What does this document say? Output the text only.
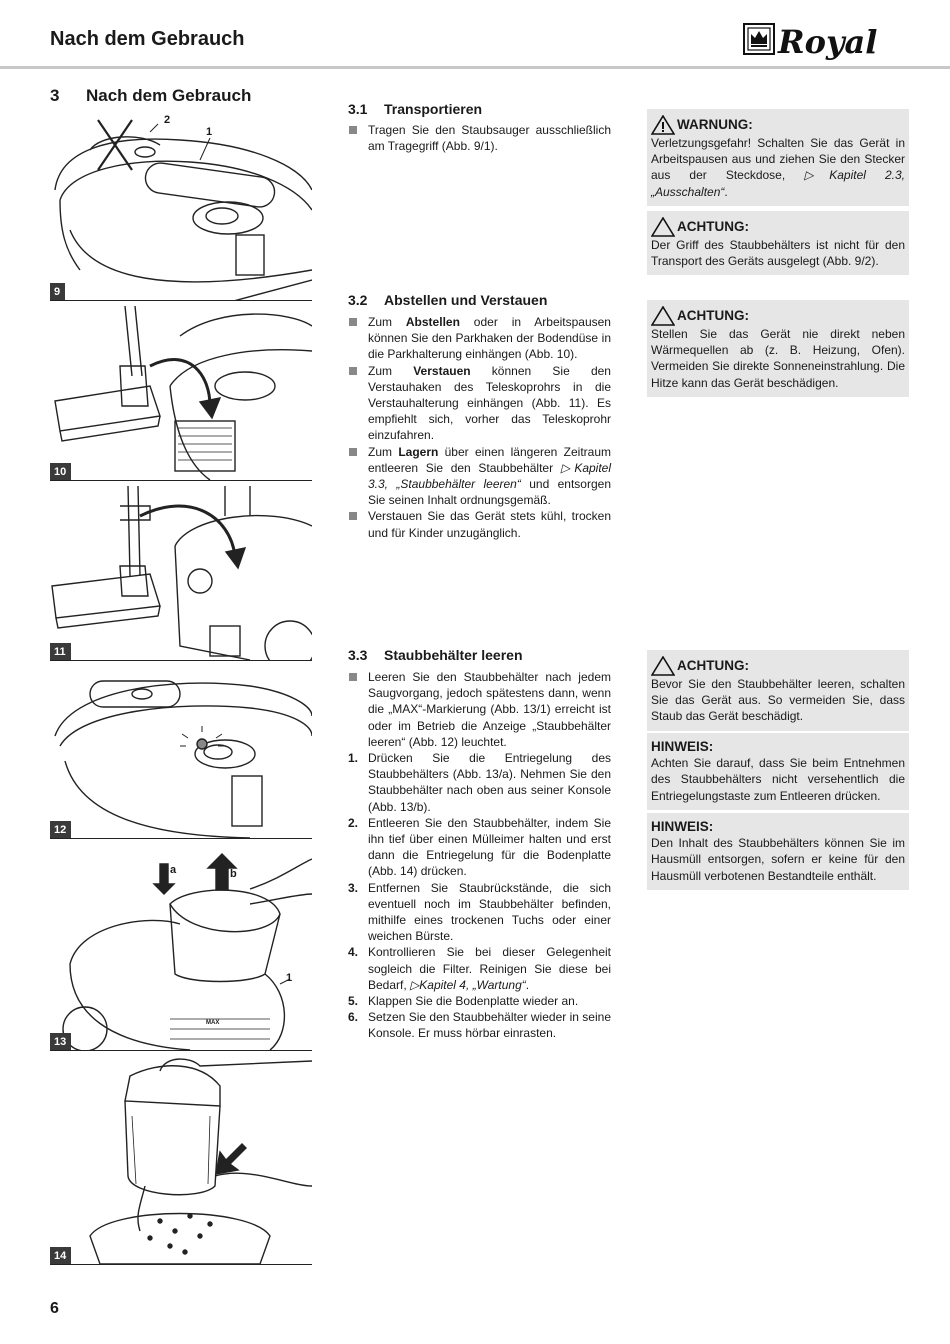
Nach dem Gebrauch	Royal
3 Nach dem Gebrauch
2
1
9
10
11
12
a	b
1
MAX
13
14
3.1 Transportieren
Tragen Sie den Staubsauger ausschließlich am Tragegriff (Abb. 9/1).
3.2 Abstellen und Verstauen
Zum Abstellen oder in Arbeitspausen können Sie den Parkhaken der Bodendüse in die Parkhalterung einhängen (Abb. 10).
Zum Verstauen können Sie den Verstauhaken des Teleskoprohrs in die Verstauhalterung einhängen (Abb. 11). Es empfiehlt sich, vorher das Teleskoprohr einzufahren.
Zum Lagern über einen längeren Zeitraum entleeren Sie den Staubbehälter ▷Kapitel 3.3, „Staubbehälter leeren“ und entsorgen Sie seinen Inhalt ordnungsgemäß.
Verstauen Sie das Gerät stets kühl, trocken und für Kinder unzugänglich.
3.3 Staubbehälter leeren
Leeren Sie den Staubbehälter nach jedem Saugvorgang, jedoch spätestens dann, wenn die „MAX“-Markierung (Abb. 13/1) erreicht ist oder im Betrieb die Anzeige „Staubbehälter leeren“ (Abb. 12) leuchtet.
1. Drücken Sie die Entriegelung des Staubbehälters (Abb. 13/a). Nehmen Sie den Staubbehälter nach oben aus seiner Konsole (Abb. 13/b).
2. Entleeren Sie den Staubbehälter, indem Sie ihn tief über einen Mülleimer halten und erst dann die Entriegelung für die Bodenplatte (Abb. 14) drücken.
3. Entfernen Sie Staubrückstände, die sich eventuell noch im Staubbehälter befinden, mithilfe eines trockenen Tuchs oder einer weichen Bürste.
4. Kontrollieren Sie bei dieser Gelegenheit sogleich die Filter. Reinigen Sie diese bei Bedarf, ▷Kapitel 4, „Wartung“.
5. Klappen Sie die Bodenplatte wieder an.
6. Setzen Sie den Staubbehälter wieder in seine Konsole. Er muss hörbar einrasten.
WARNUNG:
Verletzungsgefahr! Schalten Sie das Gerät in Arbeitspausen aus und ziehen Sie den Stecker aus der Steckdose, ▷Kapitel 2.3, „Ausschalten“.
ACHTUNG:
Der Griff des Staubbehälters ist nicht für den Transport des Geräts ausgelegt (Abb. 9/2).
ACHTUNG:
Stellen Sie das Gerät nie direkt neben Wärmequellen ab (z. B. Heizung, Ofen). Vermeiden Sie direkte Sonneneinstrahlung. Die Hitze kann das Gerät beschädigen.
ACHTUNG:
Bevor Sie den Staubbehälter leeren, schalten Sie das Gerät aus. So vermeiden Sie, dass Staub das Gerät beschädigt.
HINWEIS:
Achten Sie darauf, dass Sie beim Entnehmen des Staubbehälters nicht versehentlich die Entriegelungstaste zum Entleeren drücken.
HINWEIS:
Den Inhalt des Staubbehälters können Sie im Hausmüll entsorgen, sofern er keine für den Hausmüll verbotenen Bestandteile enthält.
6
